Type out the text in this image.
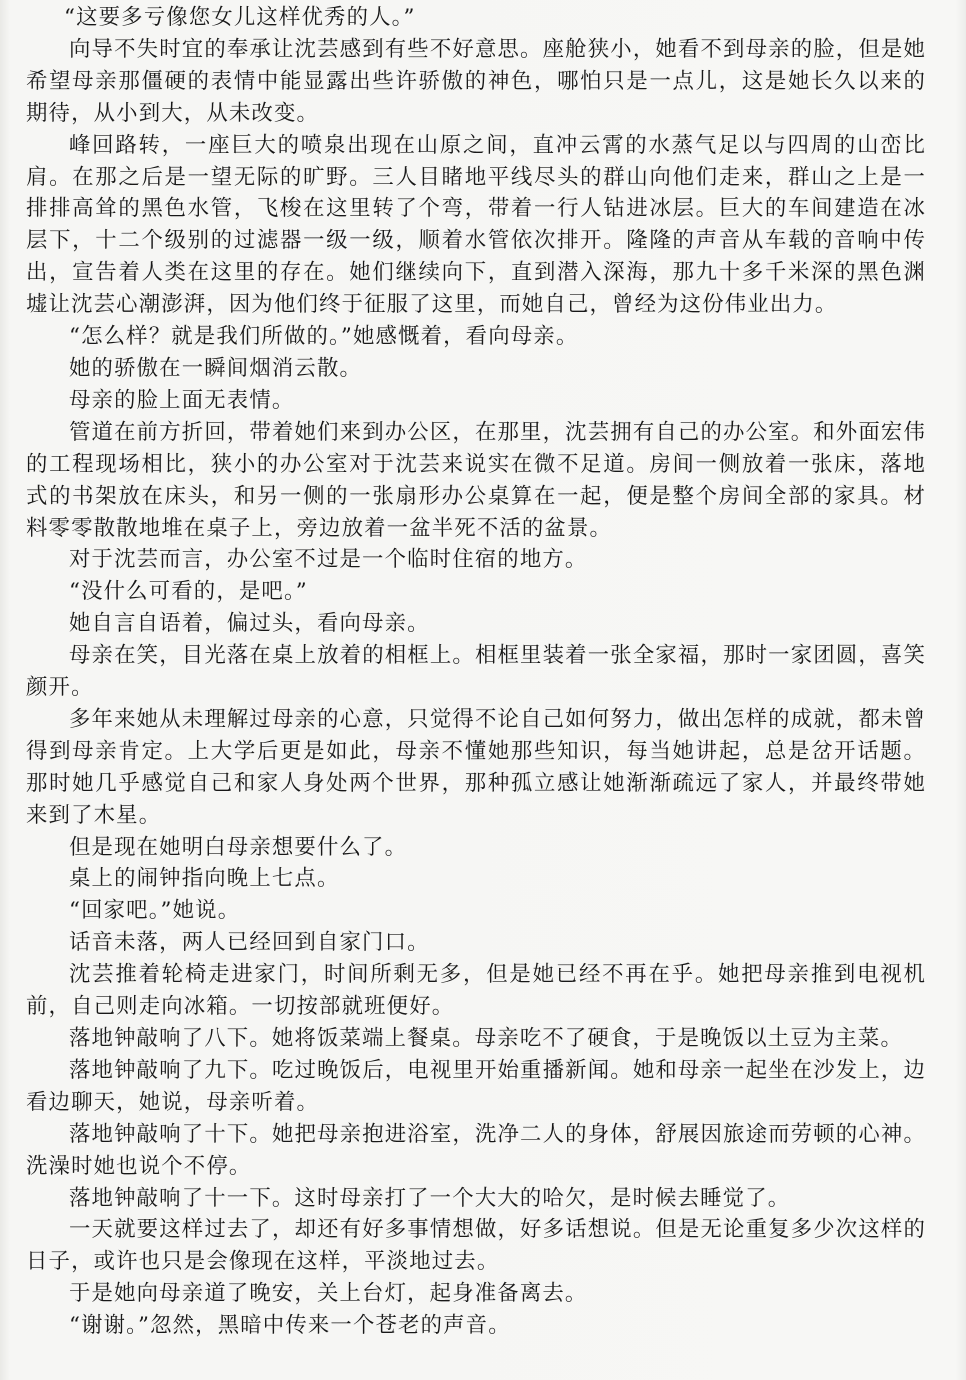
“这要多亏像您女儿这样优秀的人。”

向导不失时宜的奉承让沈芸感到有些不好意思。座舱狭小，她看不到母亲的脸，但是她希望母亲那僵硬的表情中能显露出些许骄傲的神色，哪怕只是一点儿，这是她长久以来的期待，从小到大，从未改变。

峰回路转，一座巨大的喷泉出现在山原之间，直冲云霄的水蒸气足以与四周的山峦比肩。在那之后是一望无际的旷野。三人目睹地平线尽头的群山向他们走来，群山之上是一排排高耸的黑色水管，飞梭在这里转了个弯，带着一行人钻进冰层。巨大的车间建造在冰层下，十二个级别的过滤器一级一级，顺着水管依次排开。隆隆的声音从车载的音响中传出，宣告着人类在这里的存在。她们继续向下，直到潜入深海，那九十多千米深的黑色渊墟让沈芸心潮澎湃，因为他们终于征服了这里，而她自己，曾经为这份伟业出力。

“怎么样？就是我们所做的。”她感慨着，看向母亲。

她的骄傲在一瞬间烟消云散。

母亲的脸上面无表情。

管道在前方折回，带着她们来到办公区，在那里，沈芸拥有自己的办公室。和外面宏伟的工程现场相比，狭小的办公室对于沈芸来说实在微不足道。房间一侧放着一张床，落地式的书架放在床头，和另一侧的一张扇形办公桌算在一起，便是整个房间全部的家具。材料零零散散地堆在桌子上，旁边放着一盆半死不活的盆景。

对于沈芸而言，办公室不过是一个临时住宿的地方。

“没什么可看的，是吧。”

她自言自语着，偏过头，看向母亲。

母亲在笑，目光落在桌上放着的相框上。相框里装着一张全家福，那时一家团圆，喜笑颜开。

多年来她从未理解过母亲的心意，只觉得不论自己如何努力，做出怎样的成就，都未曾得到母亲肯定。上大学后更是如此，母亲不懂她那些知识，每当她讲起，总是岔开话题。那时她几乎感觉自己和家人身处两个世界，那种孤立感让她渐渐疏远了家人，并最终带她来到了木星。

但是现在她明白母亲想要什么了。

桌上的闹钟指向晚上七点。

“回家吧。”她说。

话音未落，两人已经回到自家门口。

沈芸推着轮椅走进家门，时间所剩无多，但是她已经不再在乎。她把母亲推到电视机前，自己则走向冰箱。一切按部就班便好。

落地钟敲响了八下。她将饭菜端上餐桌。母亲吃不了硬食，于是晚饭以土豆为主菜。

落地钟敲响了九下。吃过晚饭后，电视里开始重播新闻。她和母亲一起坐在沙发上，边看边聊天，她说，母亲听着。

落地钟敲响了十下。她把母亲抱进浴室，洗净二人的身体，舒展因旅途而劳顿的心神。洗澡时她也说个不停。

落地钟敲响了十一下。这时母亲打了一个大大的哈欠，是时候去睡觉了。

一天就要这样过去了，却还有好多事情想做，好多话想说。但是无论重复多少次这样的日子，或许也只是会像现在这样，平淡地过去。

于是她向母亲道了晚安，关上台灯，起身准备离去。

“谢谢。”忽然，黑暗中传来一个苍老的声音。
